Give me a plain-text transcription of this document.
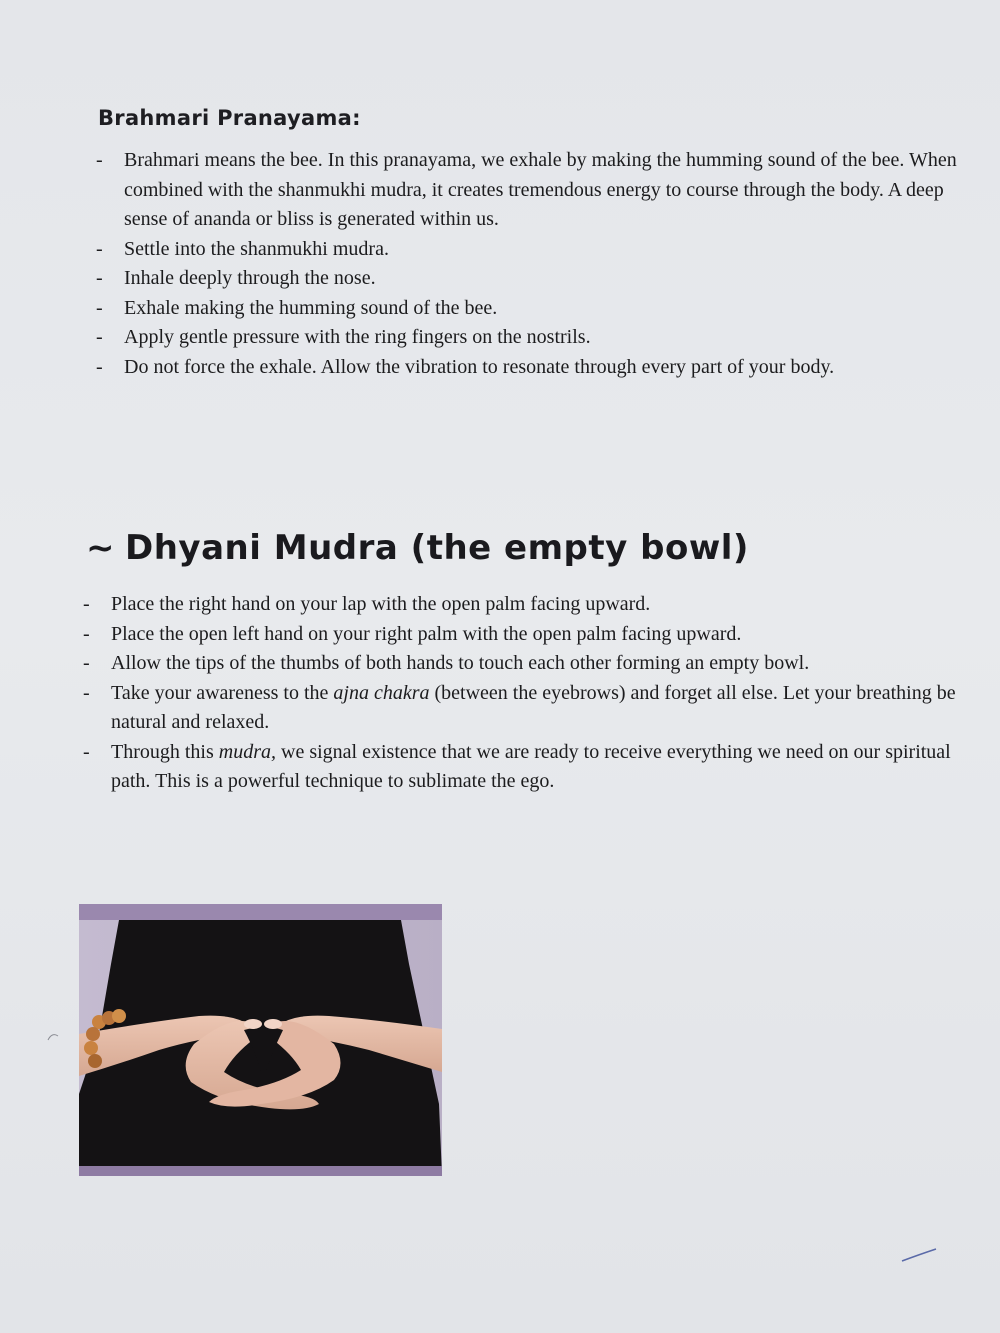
Brahmari Pranayama:
- Brahmari means the bee. In this pranayama, we exhale by making the humming sound of the bee. When combined with the shanmukhi mudra, it creates tremendous energy to course through the body. A deep sense of ananda or bliss is generated within us.
- Settle into the shanmukhi mudra.
- Inhale deeply through the nose.
- Exhale making the humming sound of the bee.
- Apply gentle pressure with the ring fingers on the nostrils.
- Do not force the exhale. Allow the vibration to resonate through every part of your body.
~ Dhyani Mudra (the empty bowl)
- Place the right hand on your lap with the open palm facing upward.
- Place the open left hand on your right palm with the open palm facing upward.
- Allow the tips of the thumbs of both hands to touch each other forming an empty bowl.
- Take your awareness to the ajna chakra (between the eyebrows) and forget all else. Let your breathing be natural and relaxed.
- Through this mudra, we signal existence that we are ready to receive everything we need on our spiritual path. This is a powerful technique to sublimate the ego.
